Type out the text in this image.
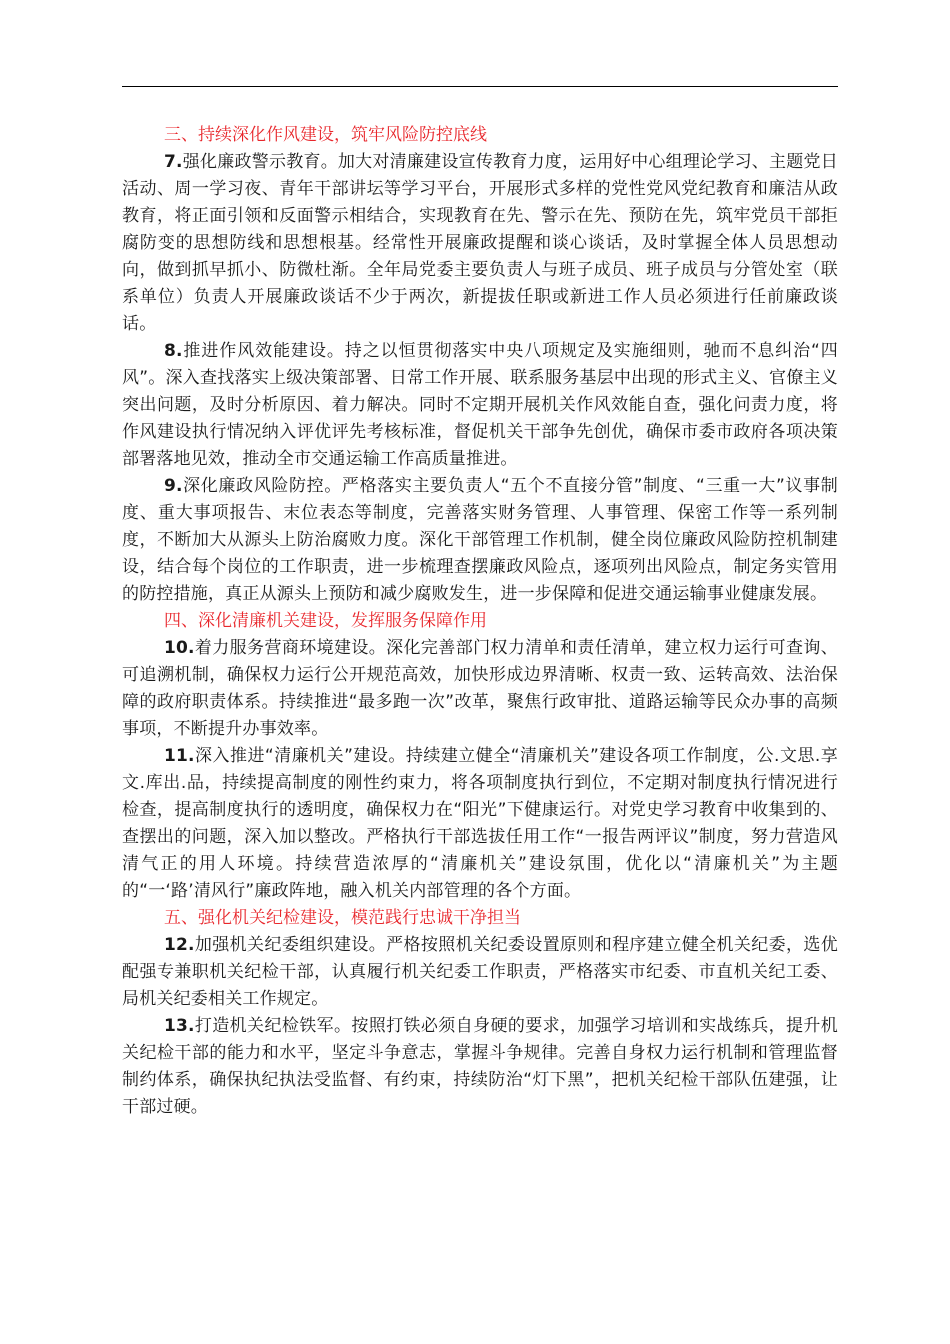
三、持续深化作风建设，筑牢风险防控底线

7.强化廉政警示教育。加大对清廉建设宣传教育力度，运用好中心组理论学习、主题党日活动、周一学习夜、青年干部讲坛等学习平台，开展形式多样的党性党风党纪教育和廉洁从政教育，将正面引领和反面警示相结合，实现教育在先、警示在先、预防在先，筑牢党员干部拒腐防变的思想防线和思想根基。经常性开展廉政提醒和谈心谈话，及时掌握全体人员思想动向，做到抓早抓小、防微杜渐。全年局党委主要负责人与班子成员、班子成员与分管处室（联系单位）负责人开展廉政谈话不少于两次，新提拔任职或新进工作人员必须进行任前廉政谈话。

8.推进作风效能建设。持之以恒贯彻落实中央八项规定及实施细则，驰而不息纠治“四风”。深入查找落实上级决策部署、日常工作开展、联系服务基层中出现的形式主义、官僚主义突出问题，及时分析原因、着力解决。同时不定期开展机关作风效能自查，强化问责力度，将作风建设执行情况纳入评优评先考核标准，督促机关干部争先创优，确保市委市政府各项决策部署落地见效，推动全市交通运输工作高质量推进。

9.深化廉政风险防控。严格落实主要负责人“五个不直接分管”制度、“三重一大”议事制度、重大事项报告、末位表态等制度，完善落实财务管理、人事管理、保密工作等一系列制度，不断加大从源头上防治腐败力度。深化干部管理工作机制，健全岗位廉政风险防控机制建设，结合每个岗位的工作职责，进一步梳理查摆廉政风险点，逐项列出风险点，制定务实管用的防控措施，真正从源头上预防和减少腐败发生，进一步保障和促进交通运输事业健康发展。

四、深化清廉机关建设，发挥服务保障作用

10.着力服务营商环境建设。深化完善部门权力清单和责任清单，建立权力运行可查询、可追溯机制，确保权力运行公开规范高效，加快形成边界清晰、权责一致、运转高效、法治保障的政府职责体系。持续推进“最多跑一次”改革，聚焦行政审批、道路运输等民众办事的高频事项，不断提升办事效率。

11.深入推进“清廉机关”建设。持续建立健全“清廉机关”建设各项工作制度，公.文思.享文.库出.品，持续提高制度的刚性约束力，将各项制度执行到位，不定期对制度执行情况进行检查，提高制度执行的透明度，确保权力在“阳光”下健康运行。对党史学习教育中收集到的、查摆出的问题，深入加以整改。严格执行干部选拔任用工作“一报告两评议”制度，努力营造风清气正的用人环境。持续营造浓厚的“清廉机关”建设氛围，优化以“清廉机关”为主题的“一‘路’清风行”廉政阵地，融入机关内部管理的各个方面。

五、强化机关纪检建设，模范践行忠诚干净担当

12.加强机关纪委组织建设。严格按照机关纪委设置原则和程序建立健全机关纪委，选优配强专兼职机关纪检干部，认真履行机关纪委工作职责，严格落实市纪委、市直机关纪工委、局机关纪委相关工作规定。

13.打造机关纪检铁军。按照打铁必须自身硬的要求，加强学习培训和实战练兵，提升机关纪检干部的能力和水平，坚定斗争意志，掌握斗争规律。完善自身权力运行机制和管理监督制约体系，确保执纪执法受监督、有约束，持续防治“灯下黑”，把机关纪检干部队伍建强，让干部过硬。
